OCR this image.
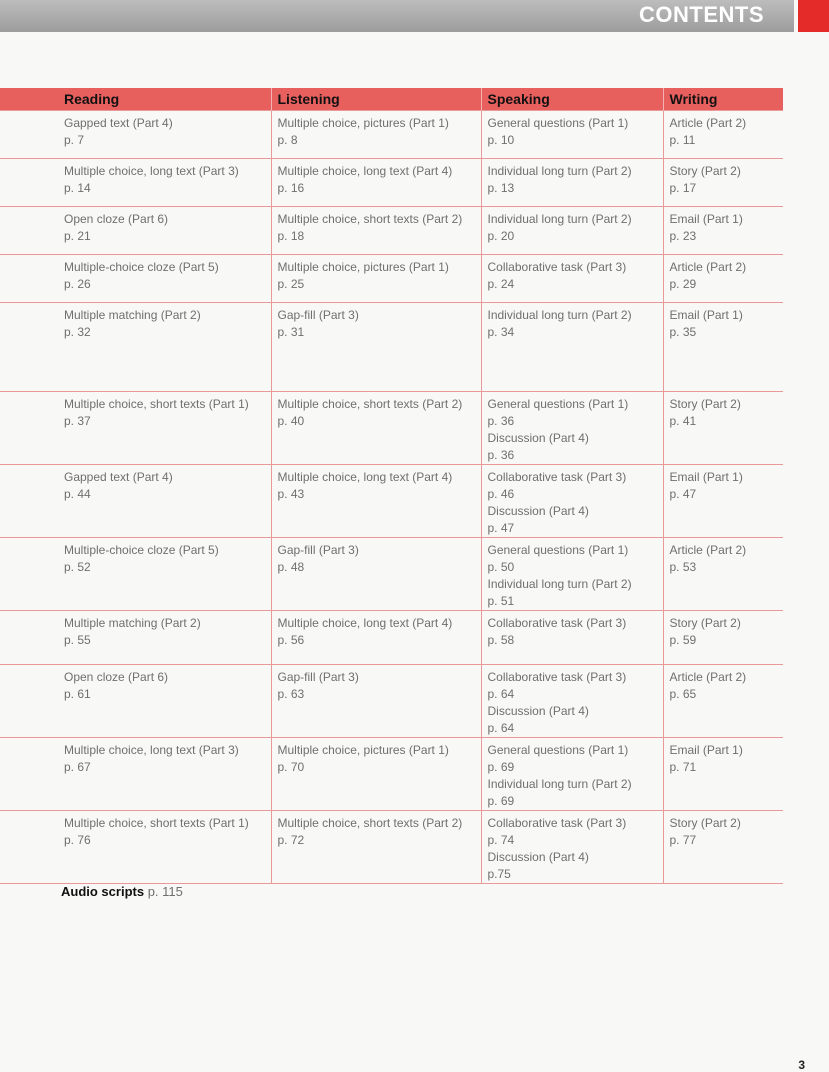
CONTENTS
Reading	Listening	Speaking	Writing

Gapped text (Part 4)
p. 7	Multiple choice, pictures (Part 1)
p. 8	General questions (Part 1)
p. 10	Article (Part 2)
p. 11

Multiple choice, long text (Part 3)
p. 14	Multiple choice, long text (Part 4)
p. 16	Individual long turn (Part 2)
p. 13	Story (Part 2)
p. 17

Open cloze (Part 6)
p. 21	Multiple choice, short texts (Part 2)
p. 18	Individual long turn (Part 2)
p. 20	Email (Part 1)
p. 23

Multiple-choice cloze (Part 5)
p. 26	Multiple choice, pictures (Part 1)
p. 25	Collaborative task (Part 3)
p. 24	Article (Part 2)
p. 29

Multiple matching (Part 2)
p. 32	Gap-fill (Part 3)
p. 31	Individual long turn (Part 2)
p. 34	Email (Part 1)
p. 35

Multiple choice, short texts (Part 1)
p. 37	Multiple choice, short texts (Part 2)
p. 40	General questions (Part 1)
p. 36
Discussion (Part 4)
p. 36	Story (Part 2)
p. 41

Gapped text (Part 4)
p. 44	Multiple choice, long text (Part 4)
p. 43	Collaborative task (Part 3)
p. 46
Discussion (Part 4)
p. 47	Email (Part 1)
p. 47

Multiple-choice cloze (Part 5)
p. 52	Gap-fill (Part 3)
p. 48	General questions (Part 1)
p. 50
Individual long turn (Part 2)
p. 51	Article (Part 2)
p. 53

Multiple matching (Part 2)
p. 55	Multiple choice, long text (Part 4)
p. 56	Collaborative task (Part 3)
p. 58	Story (Part 2)
p. 59

Open cloze (Part 6)
p. 61	Gap-fill (Part 3)
p. 63	Collaborative task (Part 3)
p. 64
Discussion (Part 4)
p. 64	Article (Part 2)
p. 65

Multiple choice, long text (Part 3)
p. 67	Multiple choice, pictures (Part 1)
p. 70	General questions (Part 1)
p. 69
Individual long turn (Part 2)
p. 69	Email (Part 1)
p. 71

Multiple choice, short texts (Part 1)
p. 76	Multiple choice, short texts (Part 2)
p. 72	Collaborative task (Part 3)
p. 74
Discussion (Part 4)
p.75	Story (Part 2)
p. 77
Audio scripts p. 115
3
